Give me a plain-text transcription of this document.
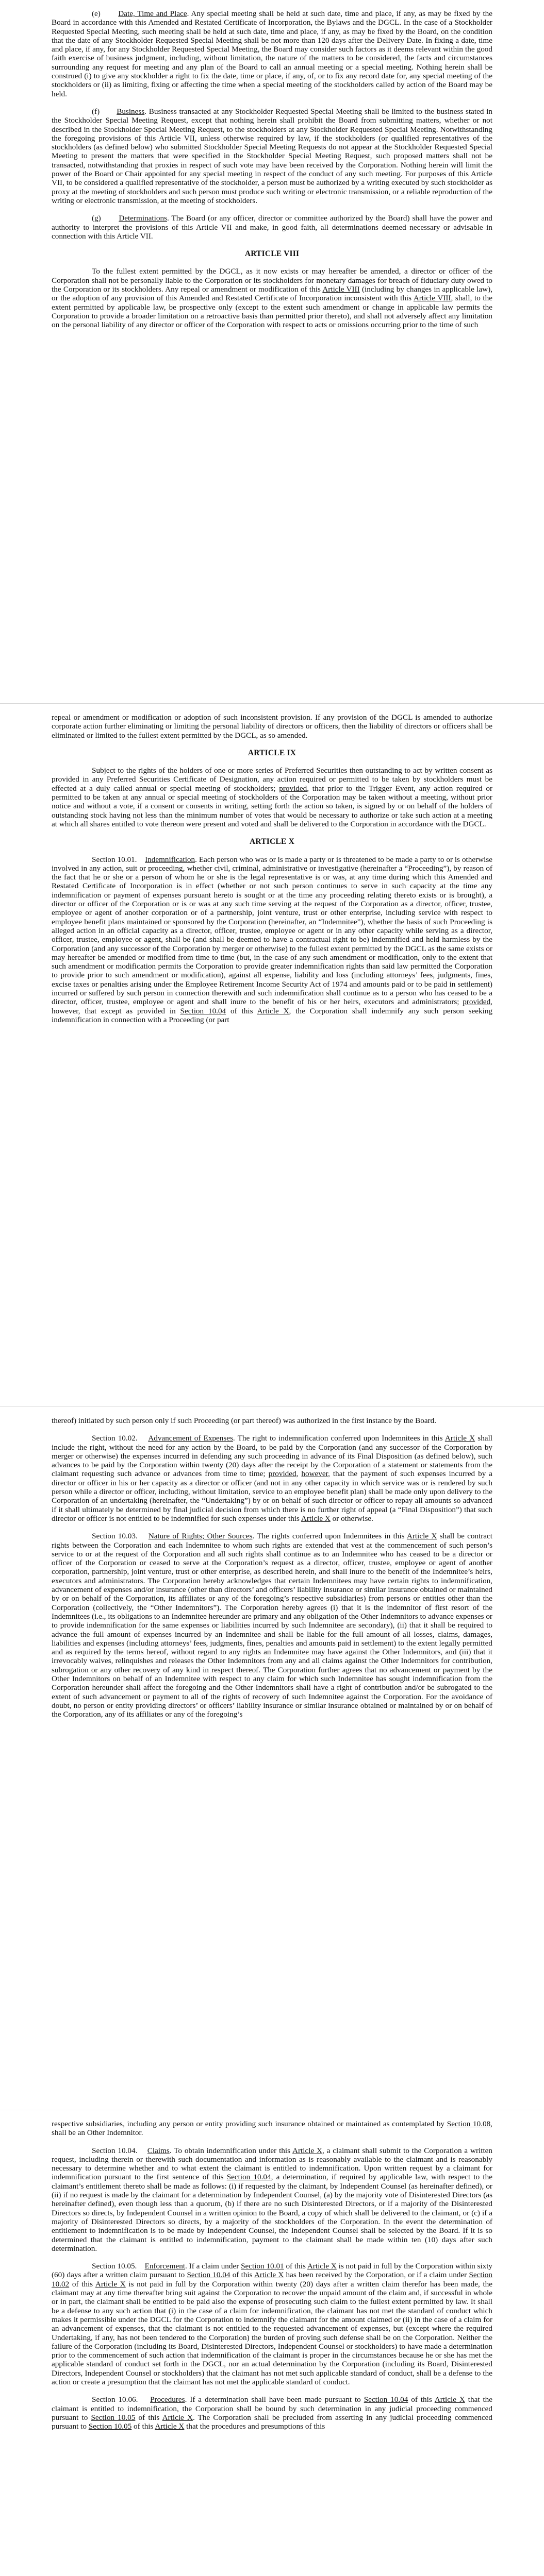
(e) Date, Time and Place. Any special meeting shall be held at such date, time and place, if any, as may be fixed by the Board in accordance with this Amended and Restated Certificate of Incorporation, the Bylaws and the DGCL. In the case of a Stockholder Requested Special Meeting, such meeting shall be held at such date, time and place, if any, as may be fixed by the Board, on the condition that the date of any Stockholder Requested Special Meeting shall be not more than 120 days after the Delivery Date. In fixing a date, time and place, if any, for any Stockholder Requested Special Meeting, the Board may consider such factors as it deems relevant within the good faith exercise of business judgment, including, without limitation, the nature of the matters to be considered, the facts and circumstances surrounding any request for meeting and any plan of the Board to call an annual meeting or a special meeting. Nothing herein shall be construed (i) to give any stockholder a right to fix the date, time or place, if any, of, or to fix any record date for, any special meeting of the stockholders or (ii) as limiting, fixing or affecting the time when a special meeting of the stockholders called by action of the Board may be held.

(f) Business. Business transacted at any Stockholder Requested Special Meeting shall be limited to the business stated in the Stockholder Special Meeting Request, except that nothing herein shall prohibit the Board from submitting matters, whether or not described in the Stockholder Special Meeting Request, to the stockholders at any Stockholder Requested Special Meeting. Notwithstanding the foregoing provisions of this Article VII, unless otherwise required by law, if the stockholders (or qualified representatives of the stockholders (as defined below) who submitted Stockholder Special Meeting Requests do not appear at the Stockholder Requested Special Meeting to present the matters that were specified in the Stockholder Special Meeting Request, such proposed matters shall not be transacted, notwithstanding that proxies in respect of such vote may have been received by the Corporation. Nothing herein will limit the power of the Board or Chair appointed for any special meeting in respect of the conduct of any such meeting. For purposes of this Article VII, to be considered a qualified representative of the stockholder, a person must be authorized by a writing executed by such stockholder as proxy at the meeting of stockholders and such person must produce such writing or electronic transmission, or a reliable reproduction of the writing or electronic transmission, at the meeting of stockholders.

(g) Determinations. The Board (or any officer, director or committee authorized by the Board) shall have the power and authority to interpret the provisions of this Article VII and make, in good faith, all determinations deemed necessary or advisable in connection with this Article VII.

ARTICLE VIII

To the fullest extent permitted by the DGCL, as it now exists or may hereafter be amended, a director or officer of the Corporation shall not be personally liable to the Corporation or its stockholders for monetary damages for breach of fiduciary duty owed to the Corporation or its stockholders. Any repeal or amendment or modification of this Article VIII (including by changes in applicable law), or the adoption of any provision of this Amended and Restated Certificate of Incorporation inconsistent with this Article VIII, shall, to the extent permitted by applicable law, be prospective only (except to the extent such amendment or change in applicable law permits the Corporation to provide a broader limitation on a retroactive basis than permitted prior thereto), and shall not adversely affect any limitation on the personal liability of any director or officer of the Corporation with respect to acts or omissions occurring prior to the time of such

repeal or amendment or modification or adoption of such inconsistent provision. If any provision of the DGCL is amended to authorize corporate action further eliminating or limiting the personal liability of directors or officers, then the liability of directors or officers shall be eliminated or limited to the fullest extent permitted by the DGCL, as so amended.

ARTICLE IX

Subject to the rights of the holders of one or more series of Preferred Securities then outstanding to act by written consent as provided in any Preferred Securities Certificate of Designation, any action required or permitted to be taken by stockholders must be effected at a duly called annual or special meeting of stockholders; provided, that prior to the Trigger Event, any action required or permitted to be taken at any annual or special meeting of stockholders of the Corporation may be taken without a meeting, without prior notice and without a vote, if a consent or consents in writing, setting forth the action so taken, is signed by or on behalf of the holders of outstanding stock having not less than the minimum number of votes that would be necessary to authorize or take such action at a meeting at which all shares entitled to vote thereon were present and voted and shall be delivered to the Corporation in accordance with the DGCL.

ARTICLE X

Section 10.01. Indemnification. Each person who was or is made a party or is threatened to be made a party to or is otherwise involved in any action, suit or proceeding, whether civil, criminal, administrative or investigative (hereinafter a “Proceeding”), by reason of the fact that he or she or a person of whom he or she is the legal representative is or was, at any time during which this Amended and Restated Certificate of Incorporation is in effect (whether or not such person continues to serve in such capacity at the time any indemnification or payment of expenses pursuant hereto is sought or at the time any proceeding relating thereto exists or is brought), a director or officer of the Corporation or is or was at any such time serving at the request of the Corporation as a director, officer, trustee, employee or agent of another corporation or of a partnership, joint venture, trust or other enterprise, including service with respect to employee benefit plans maintained or sponsored by the Corporation (hereinafter, an “Indemnitee”), whether the basis of such Proceeding is alleged action in an official capacity as a director, officer, trustee, employee or agent or in any other capacity while serving as a director, officer, trustee, employee or agent, shall be (and shall be deemed to have a contractual right to be) indemnified and held harmless by the Corporation (and any successor of the Corporation by merger or otherwise) to the fullest extent permitted by the DGCL as the same exists or may hereafter be amended or modified from time to time (but, in the case of any such amendment or modification, only to the extent that such amendment or modification permits the Corporation to provide greater indemnification rights than said law permitted the Corporation to provide prior to such amendment or modification), against all expense, liability and loss (including attorneys’ fees, judgments, fines, excise taxes or penalties arising under the Employee Retirement Income Security Act of 1974 and amounts paid or to be paid in settlement) incurred or suffered by such person in connection therewith and such indemnification shall continue as to a person who has ceased to be a director, officer, trustee, employee or agent and shall inure to the benefit of his or her heirs, executors and administrators; provided, however, that except as provided in Section 10.04 of this Article X, the Corporation shall indemnify any such person seeking indemnification in connection with a Proceeding (or part

thereof) initiated by such person only if such Proceeding (or part thereof) was authorized in the first instance by the Board.

Section 10.02. Advancement of Expenses. The right to indemnification conferred upon Indemnitees in this Article X shall include the right, without the need for any action by the Board, to be paid by the Corporation (and any successor of the Corporation by merger or otherwise) the expenses incurred in defending any such proceeding in advance of its Final Disposition (as defined below), such advances to be paid by the Corporation within twenty (20) days after the receipt by the Corporation of a statement or statements from the claimant requesting such advance or advances from time to time; provided, however, that the payment of such expenses incurred by a director or officer in his or her capacity as a director or officer (and not in any other capacity in which service was or is rendered by such person while a director or officer, including, without limitation, service to an employee benefit plan) shall be made only upon delivery to the Corporation of an undertaking (hereinafter, the “Undertaking”) by or on behalf of such director or officer to repay all amounts so advanced if it shall ultimately be determined by final judicial decision from which there is no further right of appeal (a “Final Disposition”) that such director or officer is not entitled to be indemnified for such expenses under this Article X or otherwise.

Section 10.03. Nature of Rights; Other Sources. The rights conferred upon Indemnitees in this Article X shall be contract rights between the Corporation and each Indemnitee to whom such rights are extended that vest at the commencement of such person’s service to or at the request of the Corporation and all such rights shall continue as to an Indemnitee who has ceased to be a director or officer of the Corporation or ceased to serve at the Corporation’s request as a director, officer, trustee, employee or agent of another corporation, partnership, joint venture, trust or other enterprise, as described herein, and shall inure to the benefit of the Indemnitee’s heirs, executors and administrators. The Corporation hereby acknowledges that certain Indemnitees may have certain rights to indemnification, advancement of expenses and/or insurance (other than directors’ and officers’ liability insurance or similar insurance obtained or maintained by or on behalf of the Corporation, its affiliates or any of the foregoing’s respective subsidiaries) from persons or entities other than the Corporation (collectively, the “Other Indemnitors”). The Corporation hereby agrees (i) that it is the indemnitor of first resort of the Indemnitees (i.e., its obligations to an Indemnitee hereunder are primary and any obligation of the Other Indemnitors to advance expenses or to provide indemnification for the same expenses or liabilities incurred by such Indemnitee are secondary), (ii) that it shall be required to advance the full amount of expenses incurred by an Indemnitee and shall be liable for the full amount of all losses, claims, damages, liabilities and expenses (including attorneys’ fees, judgments, fines, penalties and amounts paid in settlement) to the extent legally permitted and as required by the terms hereof, without regard to any rights an Indemnitee may have against the Other Indemnitors, and (iii) that it irrevocably waives, relinquishes and releases the Other Indemnitors from any and all claims against the Other Indemnitors for contribution, subrogation or any other recovery of any kind in respect thereof. The Corporation further agrees that no advancement or payment by the Other Indemnitors on behalf of an Indemnitee with respect to any claim for which such Indemnitee has sought indemnification from the Corporation hereunder shall affect the foregoing and the Other Indemnitors shall have a right of contribution and/or be subrogated to the extent of such advancement or payment to all of the rights of recovery of such Indemnitee against the Corporation. For the avoidance of doubt, no person or entity providing directors’ or officers’ liability insurance or similar insurance obtained or maintained by or on behalf of the Corporation, any of its affiliates or any of the foregoing’s

respective subsidiaries, including any person or entity providing such insurance obtained or maintained as contemplated by Section 10.08, shall be an Other Indemnitor.

Section 10.04. Claims. To obtain indemnification under this Article X, a claimant shall submit to the Corporation a written request, including therein or therewith such documentation and information as is reasonably available to the claimant and is reasonably necessary to determine whether and to what extent the claimant is entitled to indemnification. Upon written request by a claimant for indemnification pursuant to the first sentence of this Section 10.04, a determination, if required by applicable law, with respect to the claimant’s entitlement thereto shall be made as follows: (i) if requested by the claimant, by Independent Counsel (as hereinafter defined), or (ii) if no request is made by the claimant for a determination by Independent Counsel, (a) by the majority vote of Disinterested Directors (as hereinafter defined), even though less than a quorum, (b) if there are no such Disinterested Directors, or if a majority of the Disinterested Directors so directs, by Independent Counsel in a written opinion to the Board, a copy of which shall be delivered to the claimant, or (c) if a majority of Disinterested Directors so directs, by a majority of the stockholders of the Corporation. In the event the determination of entitlement to indemnification is to be made by Independent Counsel, the Independent Counsel shall be selected by the Board. If it is so determined that the claimant is entitled to indemnification, payment to the claimant shall be made within ten (10) days after such determination.

Section 10.05. Enforcement. If a claim under Section 10.01 of this Article X is not paid in full by the Corporation within sixty (60) days after a written claim pursuant to Section 10.04 of this Article X has been received by the Corporation, or if a claim under Section 10.02 of this Article X is not paid in full by the Corporation within twenty (20) days after a written claim therefor has been made, the claimant may at any time thereafter bring suit against the Corporation to recover the unpaid amount of the claim and, if successful in whole or in part, the claimant shall be entitled to be paid also the expense of prosecuting such claim to the fullest extent permitted by law. It shall be a defense to any such action that (i) in the case of a claim for indemnification, the claimant has not met the standard of conduct which makes it permissible under the DGCL for the Corporation to indemnify the claimant for the amount claimed or (ii) in the case of a claim for an advancement of expenses, that the claimant is not entitled to the requested advancement of expenses, but (except where the required Undertaking, if any, has not been tendered to the Corporation) the burden of proving such defense shall be on the Corporation. Neither the failure of the Corporation (including its Board, Disinterested Directors, Independent Counsel or stockholders) to have made a determination prior to the commencement of such action that indemnification of the claimant is proper in the circumstances because he or she has met the applicable standard of conduct set forth in the DGCL, nor an actual determination by the Corporation (including its Board, Disinterested Directors, Independent Counsel or stockholders) that the claimant has not met such applicable standard of conduct, shall be a defense to the action or create a presumption that the claimant has not met the applicable standard of conduct.

Section 10.06. Procedures. If a determination shall have been made pursuant to Section 10.04 of this Article X that the claimant is entitled to indemnification, the Corporation shall be bound by such determination in any judicial proceeding commenced pursuant to Section 10.05 of this Article X. The Corporation shall be precluded from asserting in any judicial proceeding commenced pursuant to Section 10.05 of this Article X that the procedures and presumptions of this
